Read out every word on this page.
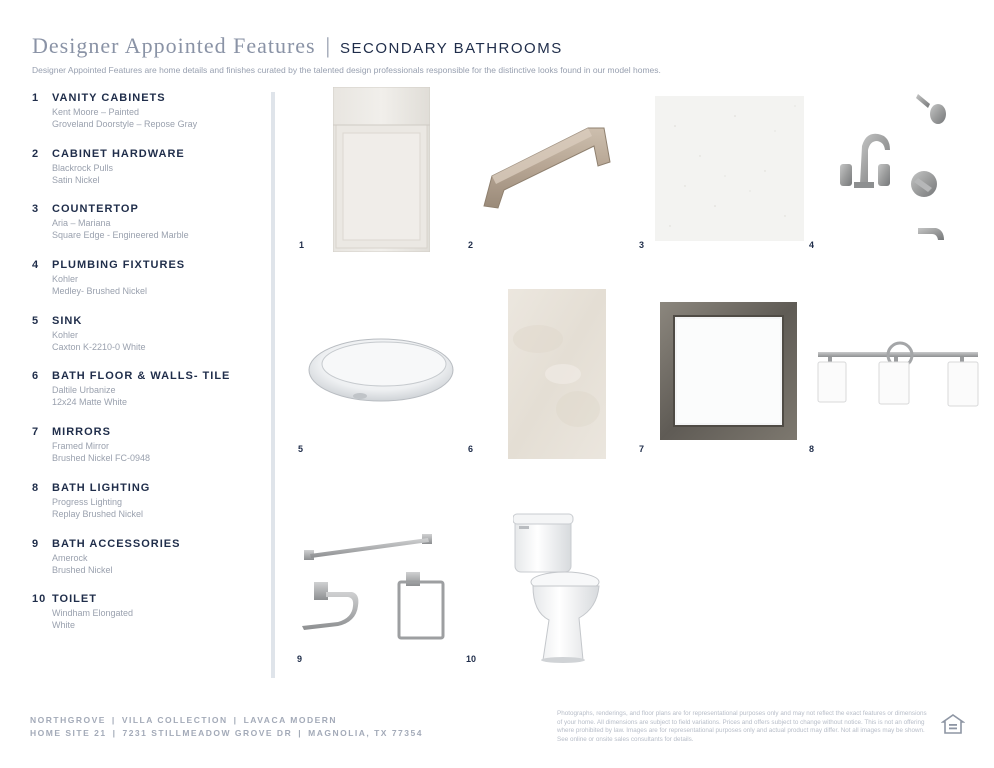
Designer Appointed Features | SECONDARY BATHROOMS
Designer Appointed Features are home details and finishes curated by the talented design professionals responsible for the distinctive looks found in our model homes.
1	VANITY CABINETS
Kent Moore – Painted
Groveland Doorstyle – Repose Gray
2	CABINET HARDWARE
Blackrock Pulls
Satin Nickel
3	COUNTERTOP
Aria – Mariana
Square Edge - Engineered Marble
4	PLUMBING FIXTURES
Kohler
Medley- Brushed Nickel
5	SINK
Kohler
Caxton K-2210-0 White
6	BATH FLOOR & WALLS- TILE
Daltile Urbanize
12x24 Matte White
7	MIRRORS
Framed Mirror
Brushed Nickel FC-0948
8	BATH LIGHTING
Progress Lighting
Replay Brushed Nickel
9	BATH ACCESSORIES
Amerock
Brushed Nickel
10 TOILET
Windham Elongated
White
1	2	3	4
5	6	7	8
9	10
NORTHGROVE | VILLA COLLECTION | LAVACA MODERN
HOME SITE 21 | 7231 STILLMEADOW GROVE DR | MAGNOLIA, TX 77354
Photographs, renderings, and floor plans are for representational purposes only and may not reflect the exact features or dimensions of your home. All dimensions are subject to field variations. Prices and offers subject to change without notice. This is not an offering where prohibited by law. Images are for representational purposes only and actual product may differ. Not all images may be shown. See online or onsite sales consultants for details.
